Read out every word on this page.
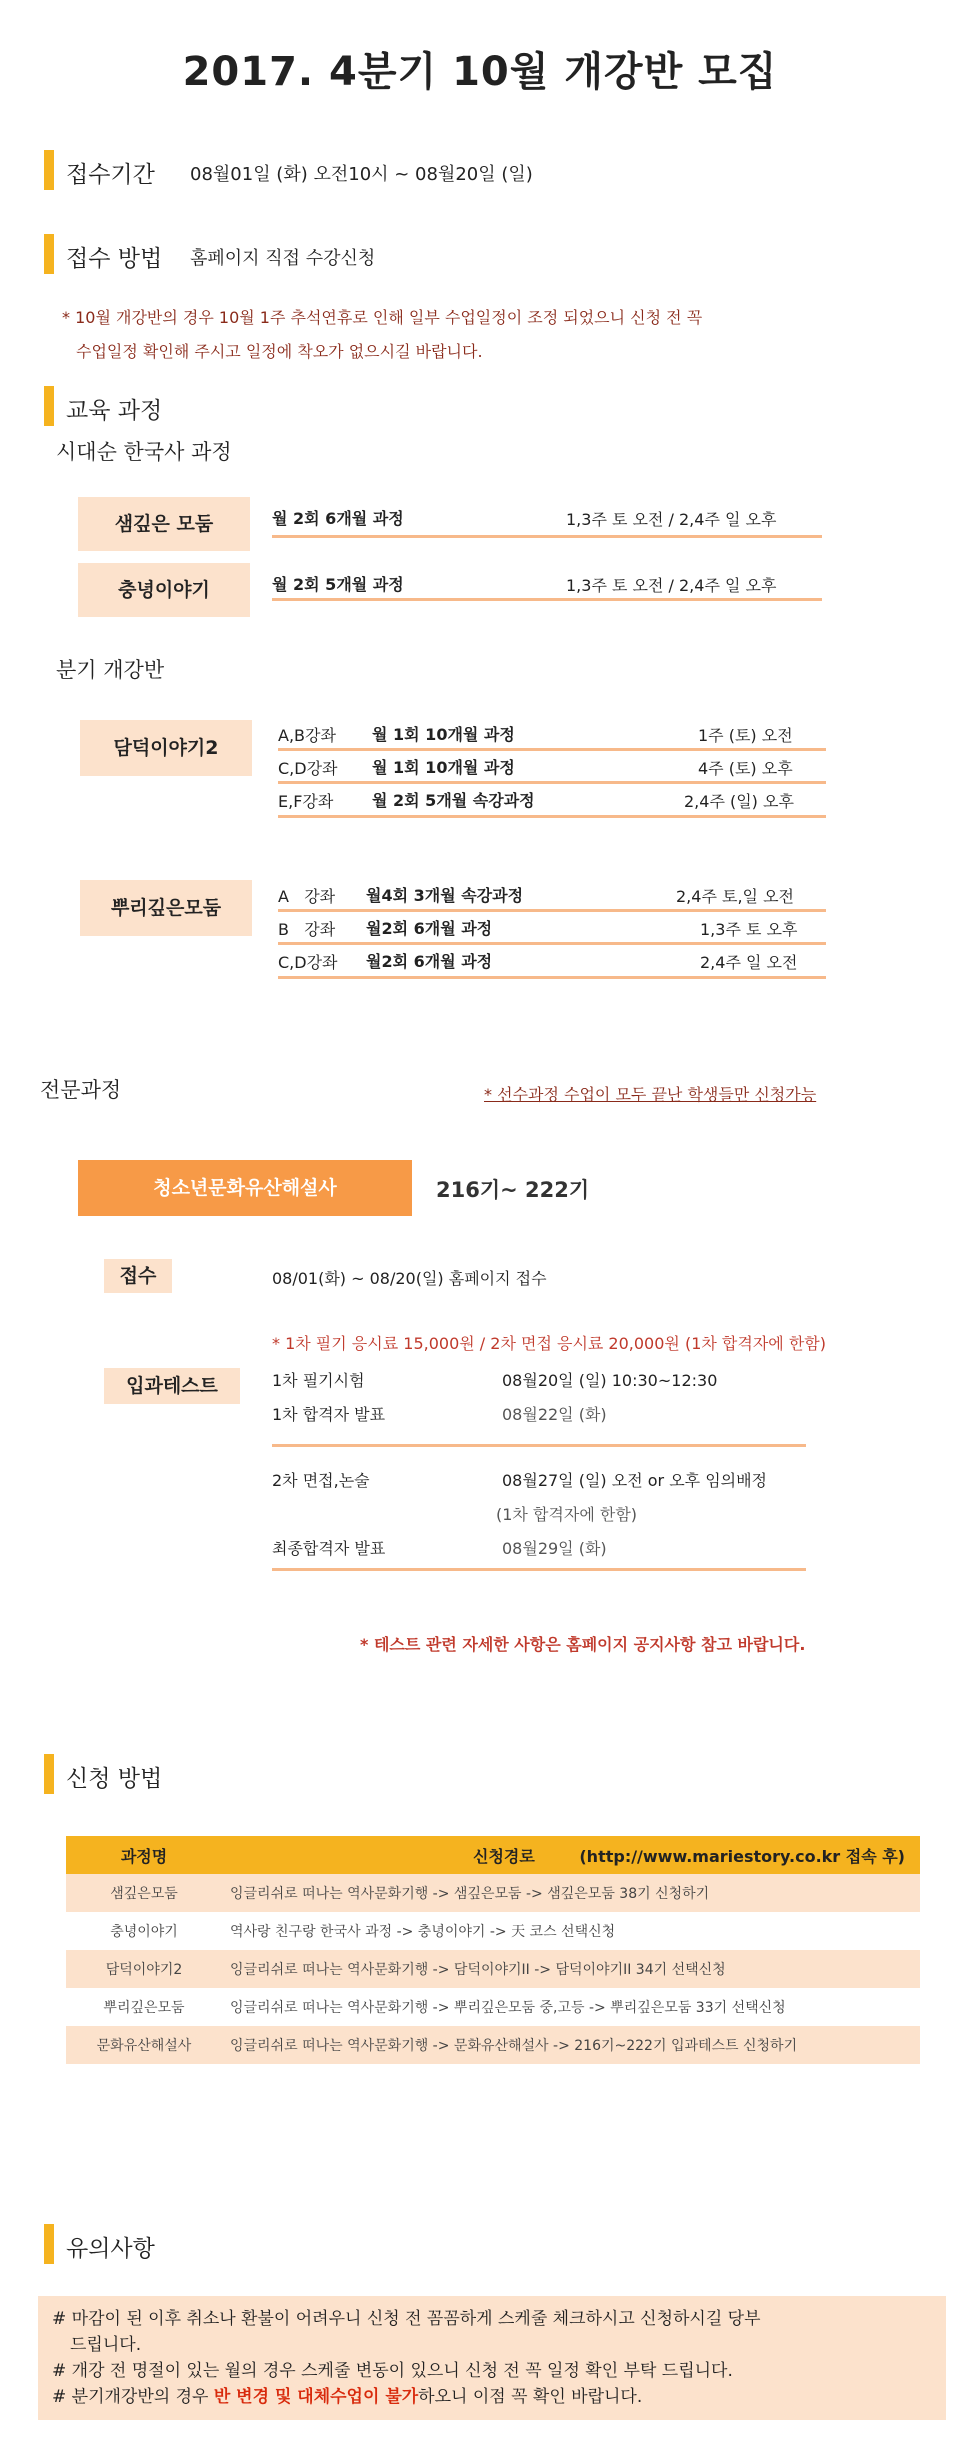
2017. 4분기 10월 개강반 모집
접수기간 08월01일 (화) 오전10시 ~ 08월20일 (일)
접수 방법 홈페이지 직접 수강신청
* 10월 개강반의 경우 10월 1주 추석연휴로 인해 일부 수업일정이 조정 되었으니 신청 전 꼭
수업일정 확인해 주시고 일정에 착오가 없으시길 바랍니다.
교육 과정
시대순 한국사 과정
샘깊은 모둠	월 2회 6개월 과정	1,3주 토 오전 / 2,4주 일 오후
충녕이야기	월 2회 5개월 과정	1,3주 토 오전 / 2,4주 일 오후
분기 개강반
담덕이야기2
A,B강좌 월 1회 10개월 과정	1주 (토) 오전
C,D강좌 월 1회 10개월 과정	4주 (토) 오후
E,F강좌 월 2회 5개월 속강과정	2,4주 (일) 오후
뿌리깊은모둠
A   강좌 월4회 3개월 속강과정	2,4주 토,일 오전
B   강좌 월2회 6개월 과정	1,3주 토 오후
C,D강좌 월2회 6개월 과정	2,4주 일 오전
전문과정	* 선수과정 수업이 모두 끝난 학생들만 신청가능
청소년문화유산해설사	216기~ 222기
접수	08/01(화) ~ 08/20(일) 홈페이지 접수
* 1차 필기 응시료 15,000원 / 2차 면접 응시료 20,000원 (1차 합격자에 한함)
입과테스트	1차 필기시험	08월20일 (일) 10:30~12:30
1차 합격자 발표	08월22일 (화)
2차 면접,논술	08월27일 (일) 오전 or 오후 임의배정
(1차 합격자에 한함)
최종합격자 발표	08월29일 (화)
* 테스트 관련 자세한 사항은 홈페이지 공지사항 참고 바랍니다.
신청 방법
과정명	신청경로 (http://www.mariestory.co.kr 접속 후)

샘깊은모둠	잉글리쉬로 떠나는 역사문화기행 -> 샘깊은모둠 -> 샘깊은모둠 38기 신청하기
충녕이야기	역사랑 친구랑 한국사 과정 -> 충녕이야기 -> 天 코스 선택신청
담덕이야기2	잉글리쉬로 떠나는 역사문화기행 -> 담덕이야기II -> 담덕이야기II 34기 선택신청
뿌리깊은모둠	잉글리쉬로 떠나는 역사문화기행 -> 뿌리깊은모둠 중,고등 -> 뿌리깊은모둠 33기 선택신청
문화유산해설사	잉글리쉬로 떠나는 역사문화기행 -> 문화유산해설사 -> 216기~222기 입과테스트 신청하기
유의사항
# 마감이 된 이후 취소나 환불이 어려우니 신청 전 꼼꼼하게 스케줄 체크하시고 신청하시길 당부
드립니다.
# 개강 전 명절이 있는 월의 경우 스케줄 변동이 있으니 신청 전 꼭 일정 확인 부탁 드립니다.
# 분기개강반의 경우 반 변경 및 대체수업이 불가하오니 이점 꼭 확인 바랍니다.
